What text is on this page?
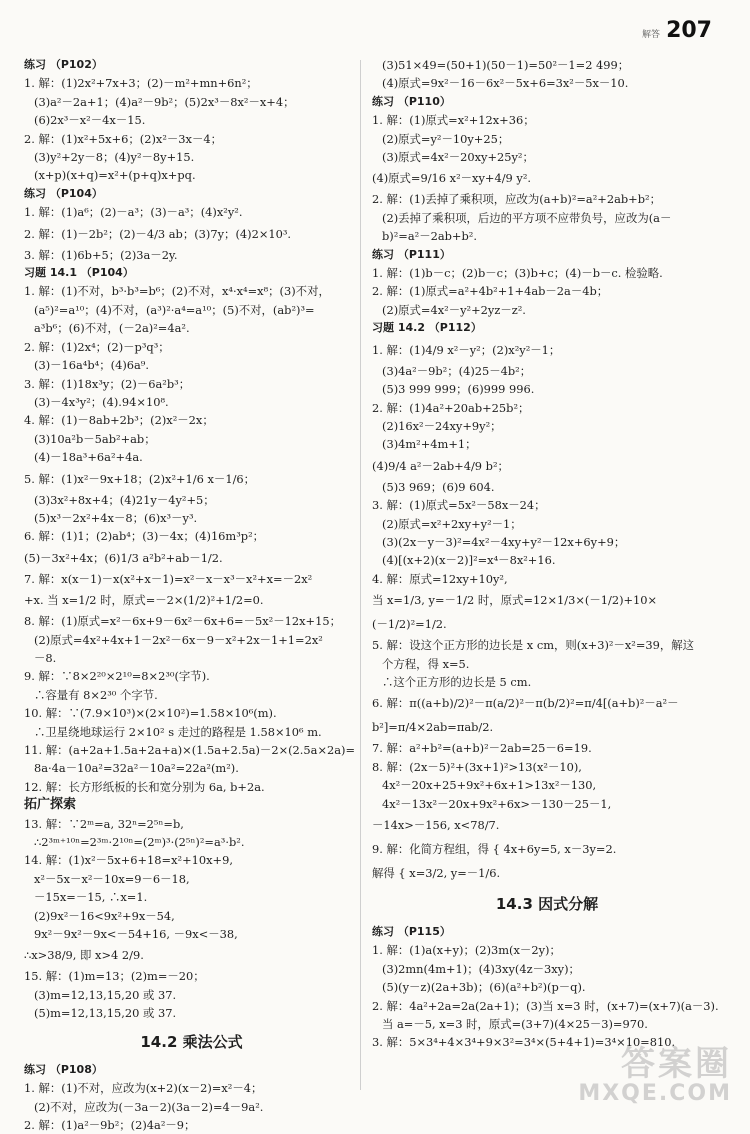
解答 207
练习 （P102）
1. 解：(1)2x²+7x+3；(2)－m²+mn+6n²；
(3)a²－2a+1；(4)a²－9b²；(5)2x³－8x²－x+4；
(6)2x³－x²－4x－15.
2. 解：(1)x²+5x+6；(2)x²－3x－4；
(3)y²+2y－8；(4)y²－8y+15.
(x+p)(x+q)=x²+(p+q)x+pq.
练习 （P104）
1. 解：(1)a⁶；(2)－a³；(3)－a³；(4)x²y².
2. 解：(1)－2b²；(2)－4/3 ab；(3)7y；(4)2×10³.
3. 解：(1)6b+5；(2)3a－2y.
习题 14.1 （P104）
1. 解：(1)不对，b³·b³=b⁶；(2)不对，x⁴·x⁴=x⁸；(3)不对，
(a⁵)²=a¹⁰；(4)不对，(a³)²·a⁴=a¹⁰；(5)不对，(ab²)³=
a³b⁶；(6)不对，(－2a)²=4a².
2. 解：(1)2x⁴；(2)－p³q³；
(3)－16a⁴b⁴；(4)6a⁹.
3. 解：(1)18x³y；(2)－6a²b³；
(3)－4x³y²；(4).94×10⁸.
4. 解：(1)－8ab+2b³；(2)x²－2x；
(3)10a²b－5ab²+ab；
(4)－18a³+6a²+4a.
5. 解：(1)x²－9x+18；(2)x²+1/6 x－1/6；
(3)3x²+8x+4；(4)21y－4y²+5；
(5)x³－2x²+4x－8；(6)x³－y³.
6. 解：(1)1；(2)ab⁴；(3)－4x；(4)16m³p²；
(5)－3x²+4x；(6)1/3 a²b²+ab－1/2.
7. 解：x(x－1)－x(x²+x－1)=x²－x－x³－x²+x=－2x²
+x. 当 x=1/2 时，原式=－2×(1/2)²+1/2=0.
8. 解：(1)原式=x²－6x+9－6x²－6x+6=－5x²－12x+15；
(2)原式=4x²+4x+1－2x²－6x－9－x²+2x－1+1=2x²
－8.
9. 解：∵8×2²⁰×2¹⁰=8×2³⁰(字节).
∴容量有 8×2³⁰ 个字节.
10. 解：∵(7.9×10³)×(2×10²)=1.58×10⁶(m).
∴卫星绕地球运行 2×10² s 走过的路程是 1.58×10⁶ m.
11. 解：(a+2a+1.5a+2a+a)×(1.5a+2.5a)－2×(2.5a×2a)=
8a·4a－10a²=32a²－10a²=22a²(m²).
12. 解：长方形纸板的长和宽分别为 6a, b+2a.
拓广探索
13. 解：∵2ᵐ=a, 32ⁿ=2⁵ⁿ=b,
∴2³ᵐ⁺¹⁰ⁿ=2³ᵐ·2¹⁰ⁿ=(2ᵐ)³·(2⁵ⁿ)²=a³·b².
14. 解：(1)x²－5x+6+18=x²+10x+9,
x²－5x－x²－10x=9－6－18,
－15x=－15, ∴x=1.
(2)9x²－16<9x²+9x－54,
9x²－9x²－9x<－54+16, －9x<－38,
∴x>38/9, 即 x>4 2/9.
15. 解：(1)m=13；(2)m=－20；
(3)m=12,13,15,20 或 37.
(5)m=12,13,15,20 或 37.
14.2 乘法公式
练习 （P108）
1. 解：(1)不对，应改为(x+2)(x－2)=x²－4；
(2)不对，应改为(－3a－2)(3a－2)=4－9a².
2. 解：(1)a²－9b²；(2)4a²－9；
(3)51×49=(50+1)(50－1)=50²－1=2 499；
(4)原式=9x²－16－6x²－5x+6=3x²－5x－10.
练习 （P110）
1. 解：(1)原式=x²+12x+36；
(2)原式=y²－10y+25；
(3)原式=4x²－20xy+25y²；
(4)原式=9/16 x²－xy+4/9 y².
2. 解：(1)丢掉了乘积项，应改为(a+b)²=a²+2ab+b²；
(2)丢掉了乘积项，后边的平方项不应带负号，应改为(a－
b)²=a²－2ab+b².
练习 （P111）
1. 解：(1)b－c；(2)b－c；(3)b+c；(4)－b－c. 检验略.
2. 解：(1)原式=a²+4b²+1+4ab－2a－4b；
(2)原式=4x²－y²+2yz－z².
习题 14.2 （P112）
1. 解：(1)4/9 x²－y²；(2)x²y²－1；
(3)4a²－9b²；(4)25－4b²；
(5)3 999 999；(6)999 996.
2. 解：(1)4a²+20ab+25b²；
(2)16x²－24xy+9y²；
(3)4m²+4m+1；
(4)9/4 a²－2ab+4/9 b²；
(5)3 969；(6)9 604.
3. 解：(1)原式=5x²－58x－24；
(2)原式=x²+2xy+y²－1；
(3)(2x－y－3)²=4x²－4xy+y²－12x+6y+9；
(4)[(x+2)(x－2)]²=x⁴－8x²+16.
4. 解：原式=12xy+10y²,
当 x=1/3, y=－1/2 时，原式=12×1/3×(－1/2)+10×
(－1/2)²=1/2.
5. 解：设这个正方形的边长是 x cm，则(x+3)²－x²=39，解这
个方程，得 x=5.
∴这个正方形的边长是 5 cm.
6. 解：π((a+b)/2)²－π(a/2)²－π(b/2)²=π/4[(a+b)²－a²－
b²]=π/4×2ab=πab/2.
7. 解：a²+b²=(a+b)²－2ab=25－6=19.
8. 解：(2x－5)²+(3x+1)²>13(x²－10),
4x²－20x+25+9x²+6x+1>13x²－130,
4x²－13x²－20x+9x²+6x>－130－25－1,
－14x>－156, x<78/7.
9. 解：化简方程组，得 { 4x+6y=5, x－3y=2.
解得 { x=3/2, y=－1/6.
14.3 因式分解
练习 （P115）
1. 解：(1)a(x+y)；(2)3m(x－2y)；
(3)2mn(4m+1)；(4)3xy(4z－3xy)；
(5)(y－z)(2a+3b)；(6)(a²+b²)(p－q).
2. 解：4a²+2a=2a(2a+1)；(3)当 x=3 时，(x+7)=(x+7)(a－3).
当 a=－5, x=3 时，原式=(3+7)(4×25－3)=970.
3. 解：5×3⁴+4×3⁴+9×3²=3⁴×(5+4+1)=3⁴×10=810.
答案圈
MXQE.COM
